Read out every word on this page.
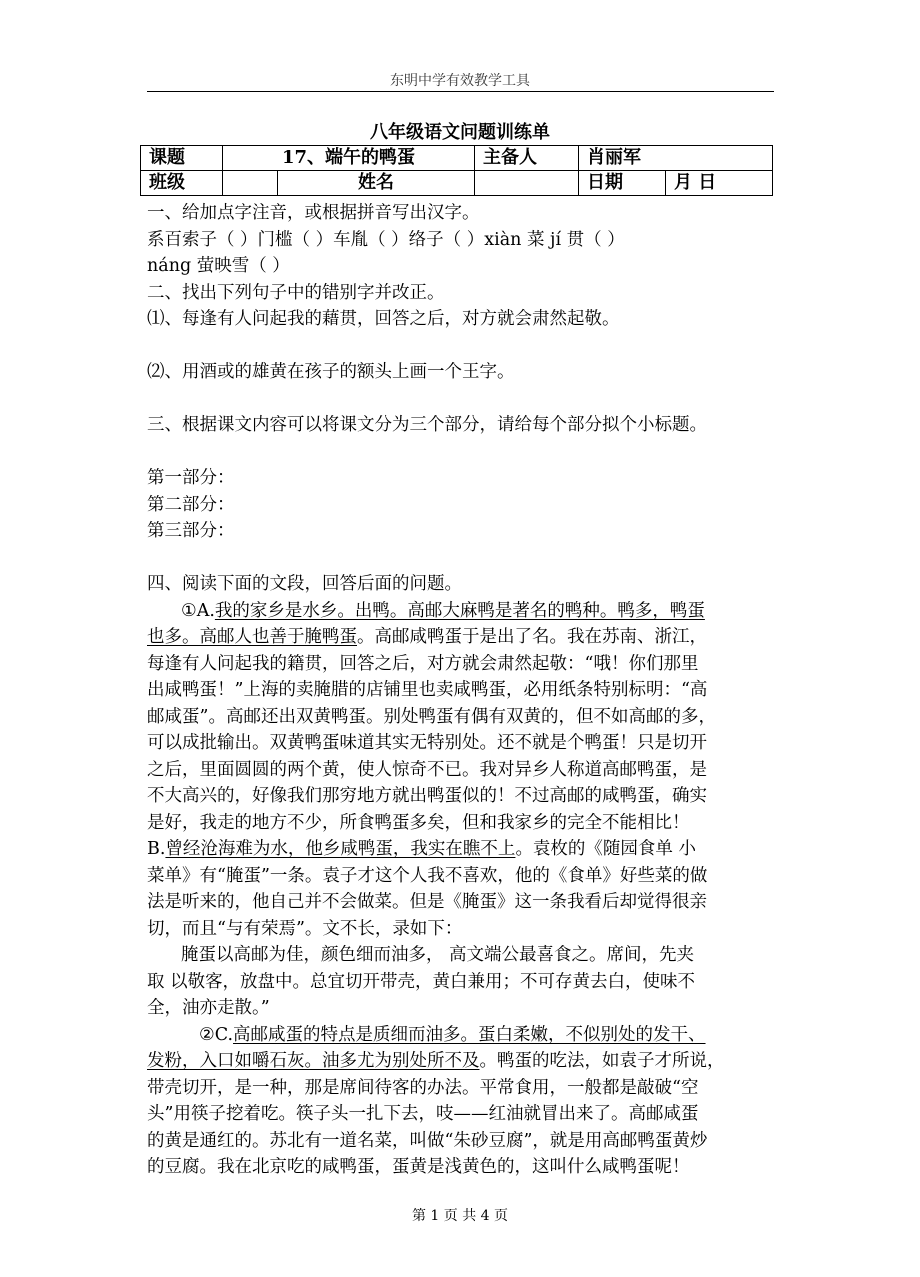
东明中学有效教学工具
八年级语文问题训练单
课题	17、端午的鸭蛋		主备人	肖丽军	
班级		姓名		日期	月 日

一、给加点字注音，或根据拼音写出汉字。

系百索子（ ）门槛（ ）车胤（ ）络子（ ）xiàn 菜 jí 贯（ ）

náng 萤映雪（ ）

二、找出下列句子中的错别字并改正。

⑴、每逢有人问起我的藉贯，回答之后，对方就会肃然起敬。

⑵、用酒或的雄黄在孩子的额头上画一个王字。

三、根据课文内容可以将课文分为三个部分，请给每个部分拟个小标题。

第一部分：

第二部分：

第三部分：

四、阅读下面的文段，回答后面的问题。

①A.我的家乡是水乡。出鸭。高邮大麻鸭是著名的鸭种。鸭多，鸭蛋

也多。高邮人也善于腌鸭蛋。高邮咸鸭蛋于是出了名。我在苏南、浙江，

每逢有人问起我的籍贯，回答之后，对方就会肃然起敬：“哦！你们那里

出咸鸭蛋！”上海的卖腌腊的店铺里也卖咸鸭蛋，必用纸条特别标明：“高

邮咸蛋”。高邮还出双黄鸭蛋。别处鸭蛋有偶有双黄的，但不如高邮的多，

可以成批输出。双黄鸭蛋味道其实无特别处。还不就是个鸭蛋！只是切开

之后，里面圆圆的两个黄，使人惊奇不已。我对异乡人称道高邮鸭蛋，是

不大高兴的，好像我们那穷地方就出鸭蛋似的！不过高邮的咸鸭蛋，确实

是好，我走的地方不少，所食鸭蛋多矣，但和我家乡的完全不能相比！

B.曾经沧海难为水，他乡咸鸭蛋，我实在瞧不上。袁枚的《随园食单 小

菜单》有“腌蛋”一条。袁子才这个人我不喜欢，他的《食单》好些菜的做

法是听来的，他自己并不会做菜。但是《腌蛋》这一条我看后却觉得很亲

切，而且“与有荣焉”。文不长，录如下：

腌蛋以高邮为佳，颜色细而油多， 高文端公最喜食之。席间，先夹

取 以敬客，放盘中。总宜切开带壳，黄白兼用；不可存黄去白，使味不

全，油亦走散。”

②C.高邮咸蛋的特点是质细而油多。蛋白柔嫩，不似别处的发干、

发粉，入口如嚼石灰。油多尤为别处所不及。鸭蛋的吃法，如袁子才所说，

带壳切开，是一种，那是席间待客的办法。平常食用，一般都是敲破“空

头”用筷子挖着吃。筷子头一扎下去，吱——红油就冒出来了。高邮咸蛋

的黄是通红的。苏北有一道名菜，叫做“朱砂豆腐”，就是用高邮鸭蛋黄炒

的豆腐。我在北京吃的咸鸭蛋，蛋黄是浅黄色的，这叫什么咸鸭蛋呢！

第 1 页 共 4 页
